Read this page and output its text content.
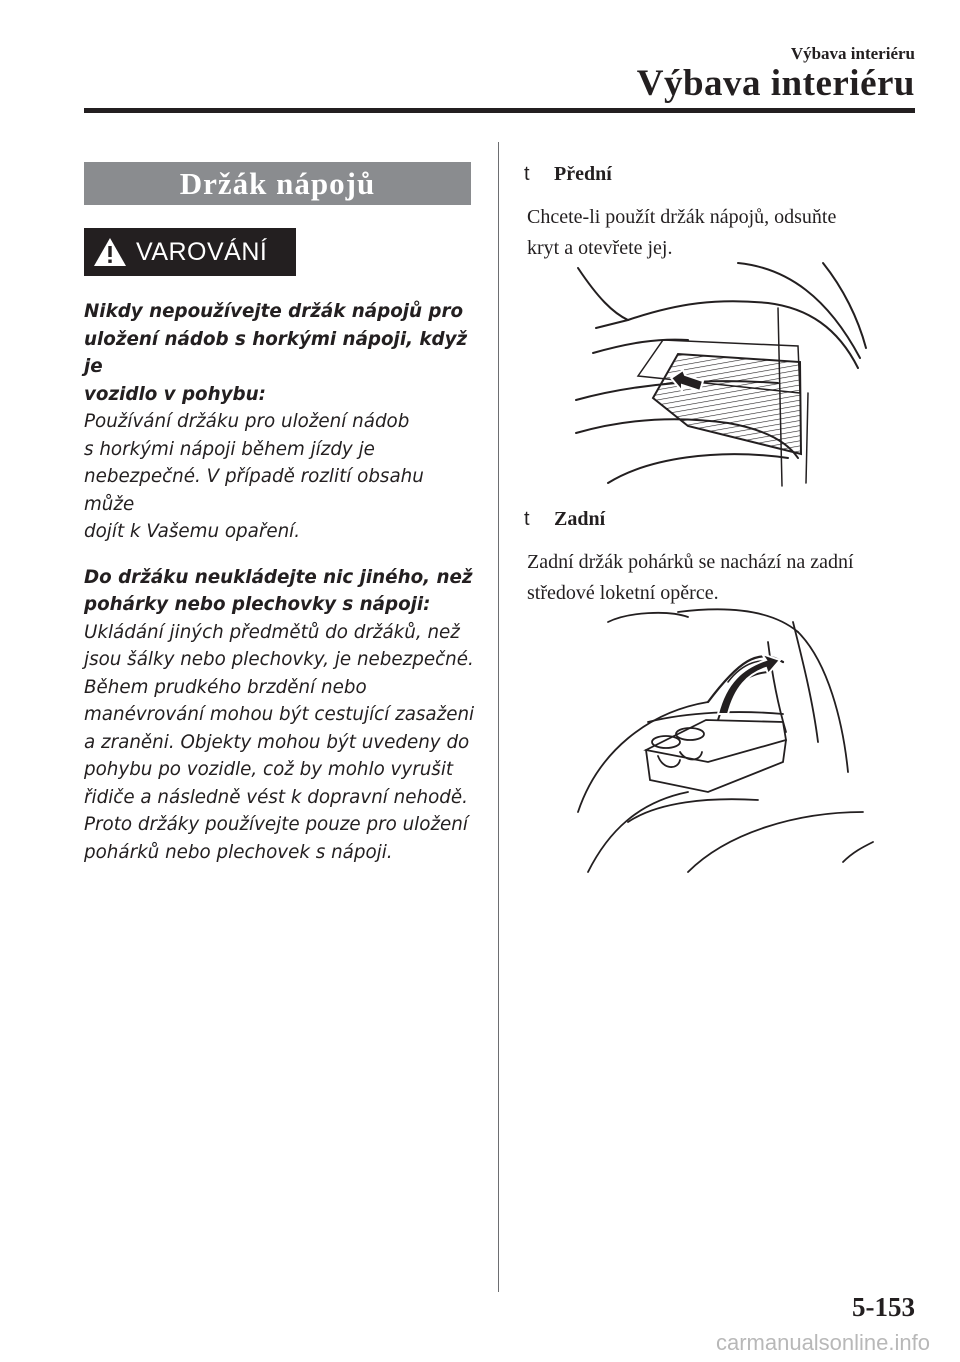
Výbava interiéru
Výbava interiéru
Držák nápojů
VAROVÁNÍ

Nikdy nepoužívejte držák nápojů pro

uložení nádob s horkými nápoji, když je

vozidlo v pohybu:

Používání držáku pro uložení nádob

s horkými nápoji během jízdy je

nebezpečné. V případě rozlití obsahu může

dojít k Vašemu opaření.

Do držáku neukládejte nic jiného, než

pohárky nebo plechovky s nápoji:

Ukládání jiných předmětů do držáků, než

jsou šálky nebo plechovky, je nebezpečné.

Během prudkého brzdění nebo

manévrování mohou být cestující zasaženi

a zraněni. Objekty mohou být uvedeny do

pohybu po vozidle, což by mohlo vyrušit

řidiče a následně vést k dopravní nehodě.

Proto držáky používejte pouze pro uložení

pohárků nebo plechovek s nápoji.

t	Přední
Chcete-li použít držák nápojů, odsuňte
kryt a otevřete jej.
t	Zadní
Zadní držák pohárků se nachází na zadní
středové loketní opěrce.
5-153
carmanualsonline.info
